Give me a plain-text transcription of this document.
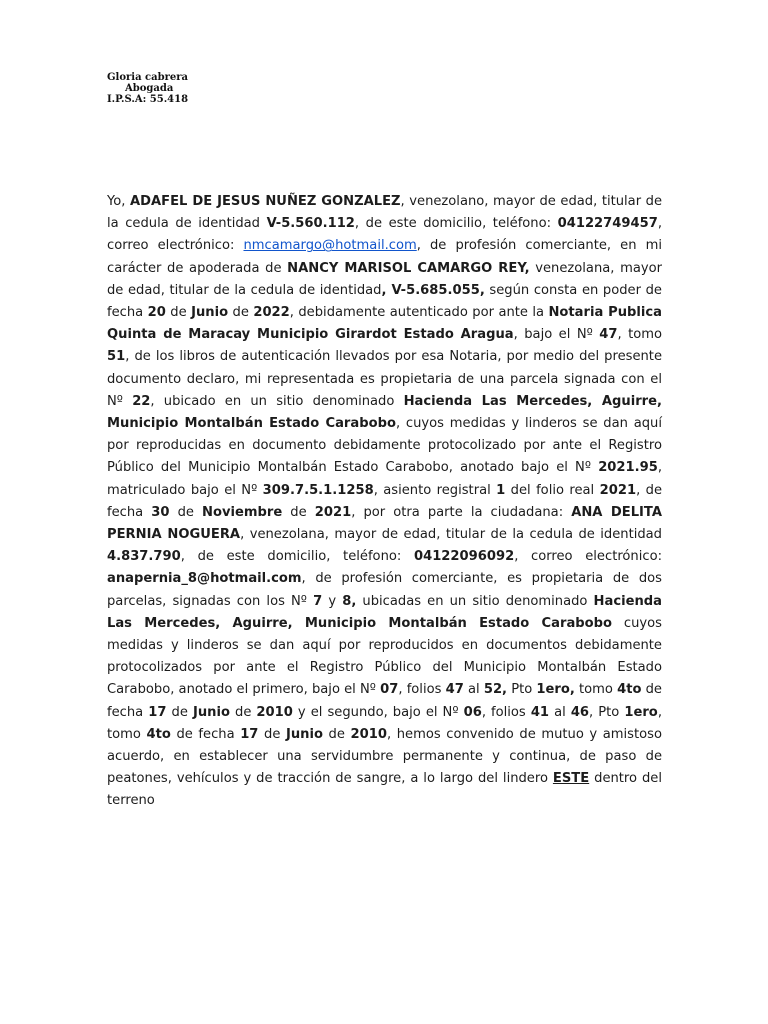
Gloria cabrera
Abogada
I.P.S.A: 55.418
Yo, ADAFEL DE JESUS NUÑEZ GONZALEZ, venezolano, mayor de edad, titular de la cedula de identidad V-5.560.112, de este domicilio, teléfono: 04122749457, correo electrónico: nmcamargo@hotmail.com, de profesión comerciante, en mi carácter de apoderada de NANCY MARISOL CAMARGO REY, venezolana, mayor de edad, titular de la cedula de identidad, V-5.685.055, según consta en poder de fecha 20 de Junio de 2022, debidamente autenticado por ante la Notaria Publica Quinta de Maracay Municipio Girardot Estado Aragua, bajo el Nº 47, tomo 51, de los libros de autenticación llevados por esa Notaria, por medio del presente documento declaro, mi representada es propietaria de una parcela signada con el Nº 22, ubicado en un sitio denominado Hacienda Las Mercedes, Aguirre, Municipio Montalbán Estado Carabobo, cuyos medidas y linderos se dan aquí por reproducidas en documento debidamente protocolizado por ante el Registro Público del Municipio Montalbán Estado Carabobo, anotado bajo el Nº 2021.95, matriculado bajo el Nº 309.7.5.1.1258, asiento registral 1 del folio real 2021, de fecha 30 de Noviembre de 2021, por otra parte la ciudadana: ANA DELITA PERNIA NOGUERA, venezolana, mayor de edad, titular de la cedula de identidad 4.837.790, de este domicilio, teléfono: 04122096092, correo electrónico: anapernia_8@hotmail.com, de profesión comerciante, es propietaria de dos parcelas, signadas con los Nº 7 y 8, ubicadas en un sitio denominado Hacienda Las Mercedes, Aguirre, Municipio Montalbán Estado Carabobo cuyos medidas y linderos se dan aquí por reproducidos en documentos debidamente protocolizados por ante el Registro Público del Municipio Montalbán Estado Carabobo, anotado el primero, bajo el Nº 07, folios 47 al 52, Pto 1ero, tomo 4to de fecha 17 de Junio de 2010 y el segundo, bajo el Nº 06, folios 41 al 46, Pto 1ero, tomo 4to de fecha 17 de Junio de 2010, hemos convenido de mutuo y amistoso acuerdo, en establecer una servidumbre permanente y continua, de paso de peatones, vehículos y de tracción de sangre, a lo largo del lindero ESTE dentro del terreno
